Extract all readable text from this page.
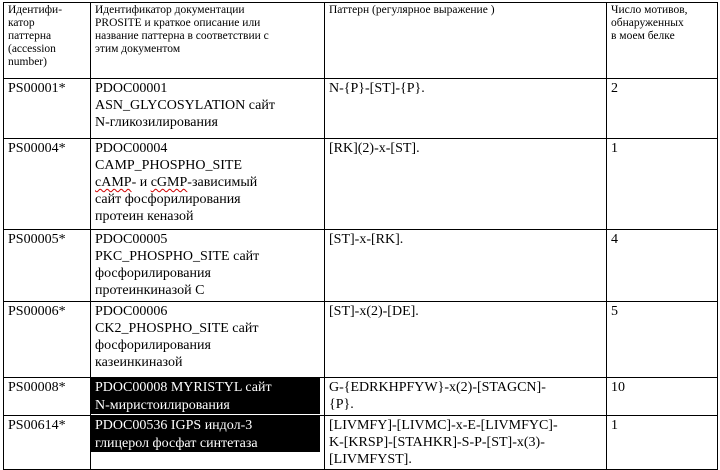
Идентифи-
катор
паттерна
(accession
number)	Идентификатор документации
PROSITE и краткое описание или
название паттерна в соответствии с
этим документом	Паттерн (регулярное выражение )	Число мотивов,
обнаруженных
в моем белке

PS00001*	PDOC00001
ASN_GLYCOSYLATION сайт
N-гликозилирования	N-{P}-[ST]-{P}.	2
PS00004*	PDOC00004
CAMP_PHOSPHO_SITE
cAMP- и cGMP-зависимый
сайт фосфорилирования
протеин кеназой	[RK](2)-x-[ST].	1
PS00005*	PDOC00005
PKC_PHOSPHO_SITE сайт
фосфорилирования
протеинкиназой С	[ST]-x-[RK].	4
PS00006*	PDOC00006
CK2_PHOSPHO_SITE сайт
фосфорилирования
казеинкиназой	[ST]-x(2)-[DE].	5
PS00008*	PDOC00008 MYRISTYL сайт
N-миристоилирования	G-{EDRKHPFYW}-x(2)-[STAGCN]-
{P}.	10
PS00614*	PDOC00536 IGPS индол-3
глицерол фосфат синтетаза	[LIVMFY]-[LIVMC]-x-E-[LIVMFYC]-
K-[KRSP]-[STAHKR]-S-P-[ST]-x(3)-
[LIVMFYST].	1
